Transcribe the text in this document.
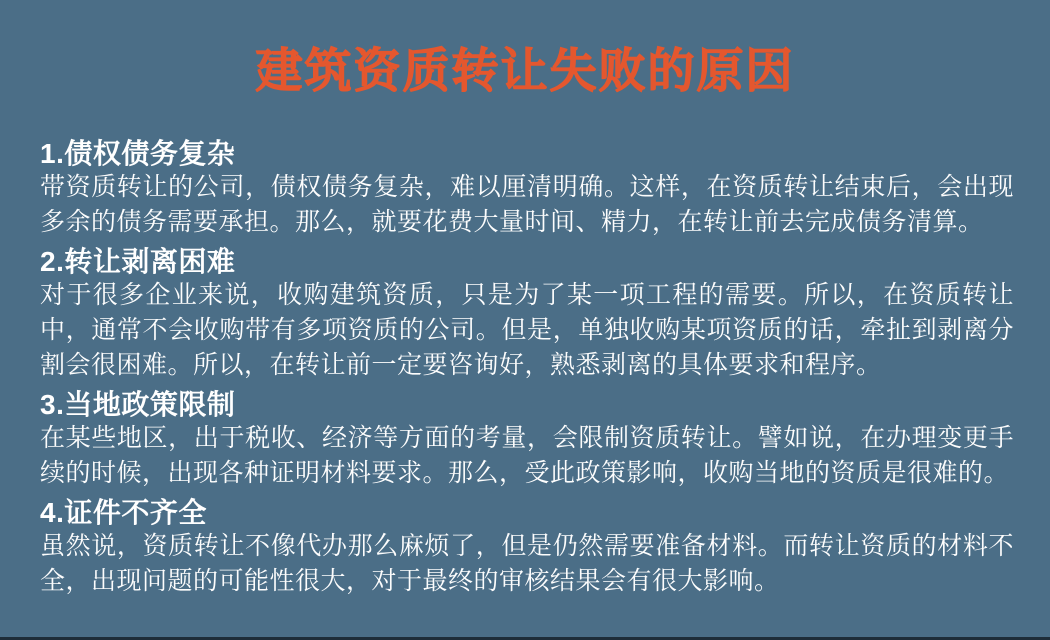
建筑资质转让失败的原因
1.债权债务复杂

带资质转让的公司，债权债务复杂，难以厘清明确。这样，在资质转让结束后，会出现多余的债务需要承担。那么，就要花费大量时间、精力，在转让前去完成债务清算。

2.转让剥离困难

对于很多企业来说，收购建筑资质，只是为了某一项工程的需要。所以，在资质转让中，通常不会收购带有多项资质的公司。但是，单独收购某项资质的话，牵扯到剥离分割会很困难。所以，在转让前一定要咨询好，熟悉剥离的具体要求和程序。

3.当地政策限制

在某些地区，出于税收、经济等方面的考量，会限制资质转让。譬如说，在办理变更手续的时候，出现各种证明材料要求。那么，受此政策影响，收购当地的资质是很难的。

4.证件不齐全

虽然说，资质转让不像代办那么麻烦了，但是仍然需要准备材料。而转让资质的材料不全，出现问题的可能性很大，对于最终的审核结果会有很大影响。
